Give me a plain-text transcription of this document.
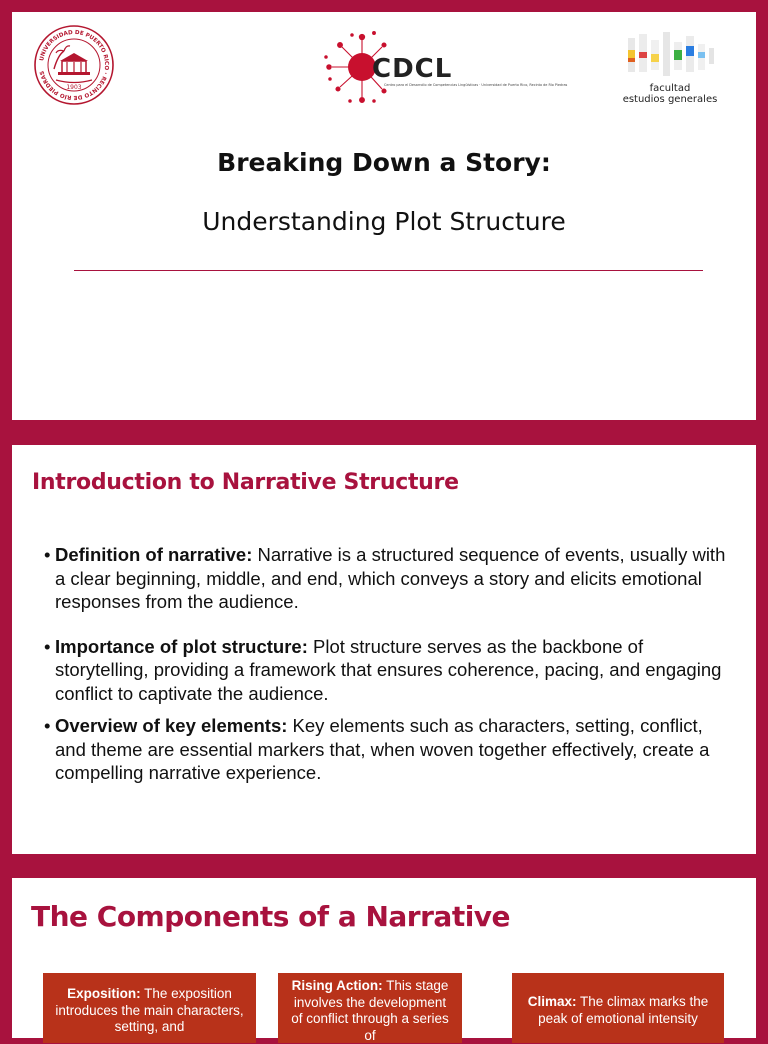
UNIVERSIDAD DE PUERTO RICO · RECINTO DE RÍO PIEDRAS
1903
CDCL
Centro para el Desarrollo de Competencias Lingüísticas · Universidad de Puerto Rico, Recinto de Río Piedras	facultad
estudios generales
Breaking Down a Story:
Understanding Plot Structure
Introduction to Narrative Structure
• Definition of narrative: Narrative is a structured sequence of events, usually with a clear beginning, middle, and end, which conveys a story and elicits emotional responses from the audience.
• Importance of plot structure: Plot structure serves as the backbone of storytelling, providing a framework that ensures coherence, pacing, and engaging conflict to captivate the audience.
• Overview of key elements: Key elements such as characters, setting, conflict, and theme are essential markers that, when woven together effectively, create a compelling narrative experience.
The Components of a Narrative
Exposition: The exposition introduces the main characters, setting, and
Rising Action: This stage involves the development of conflict through a series of
Climax: The climax marks the peak of emotional intensity
